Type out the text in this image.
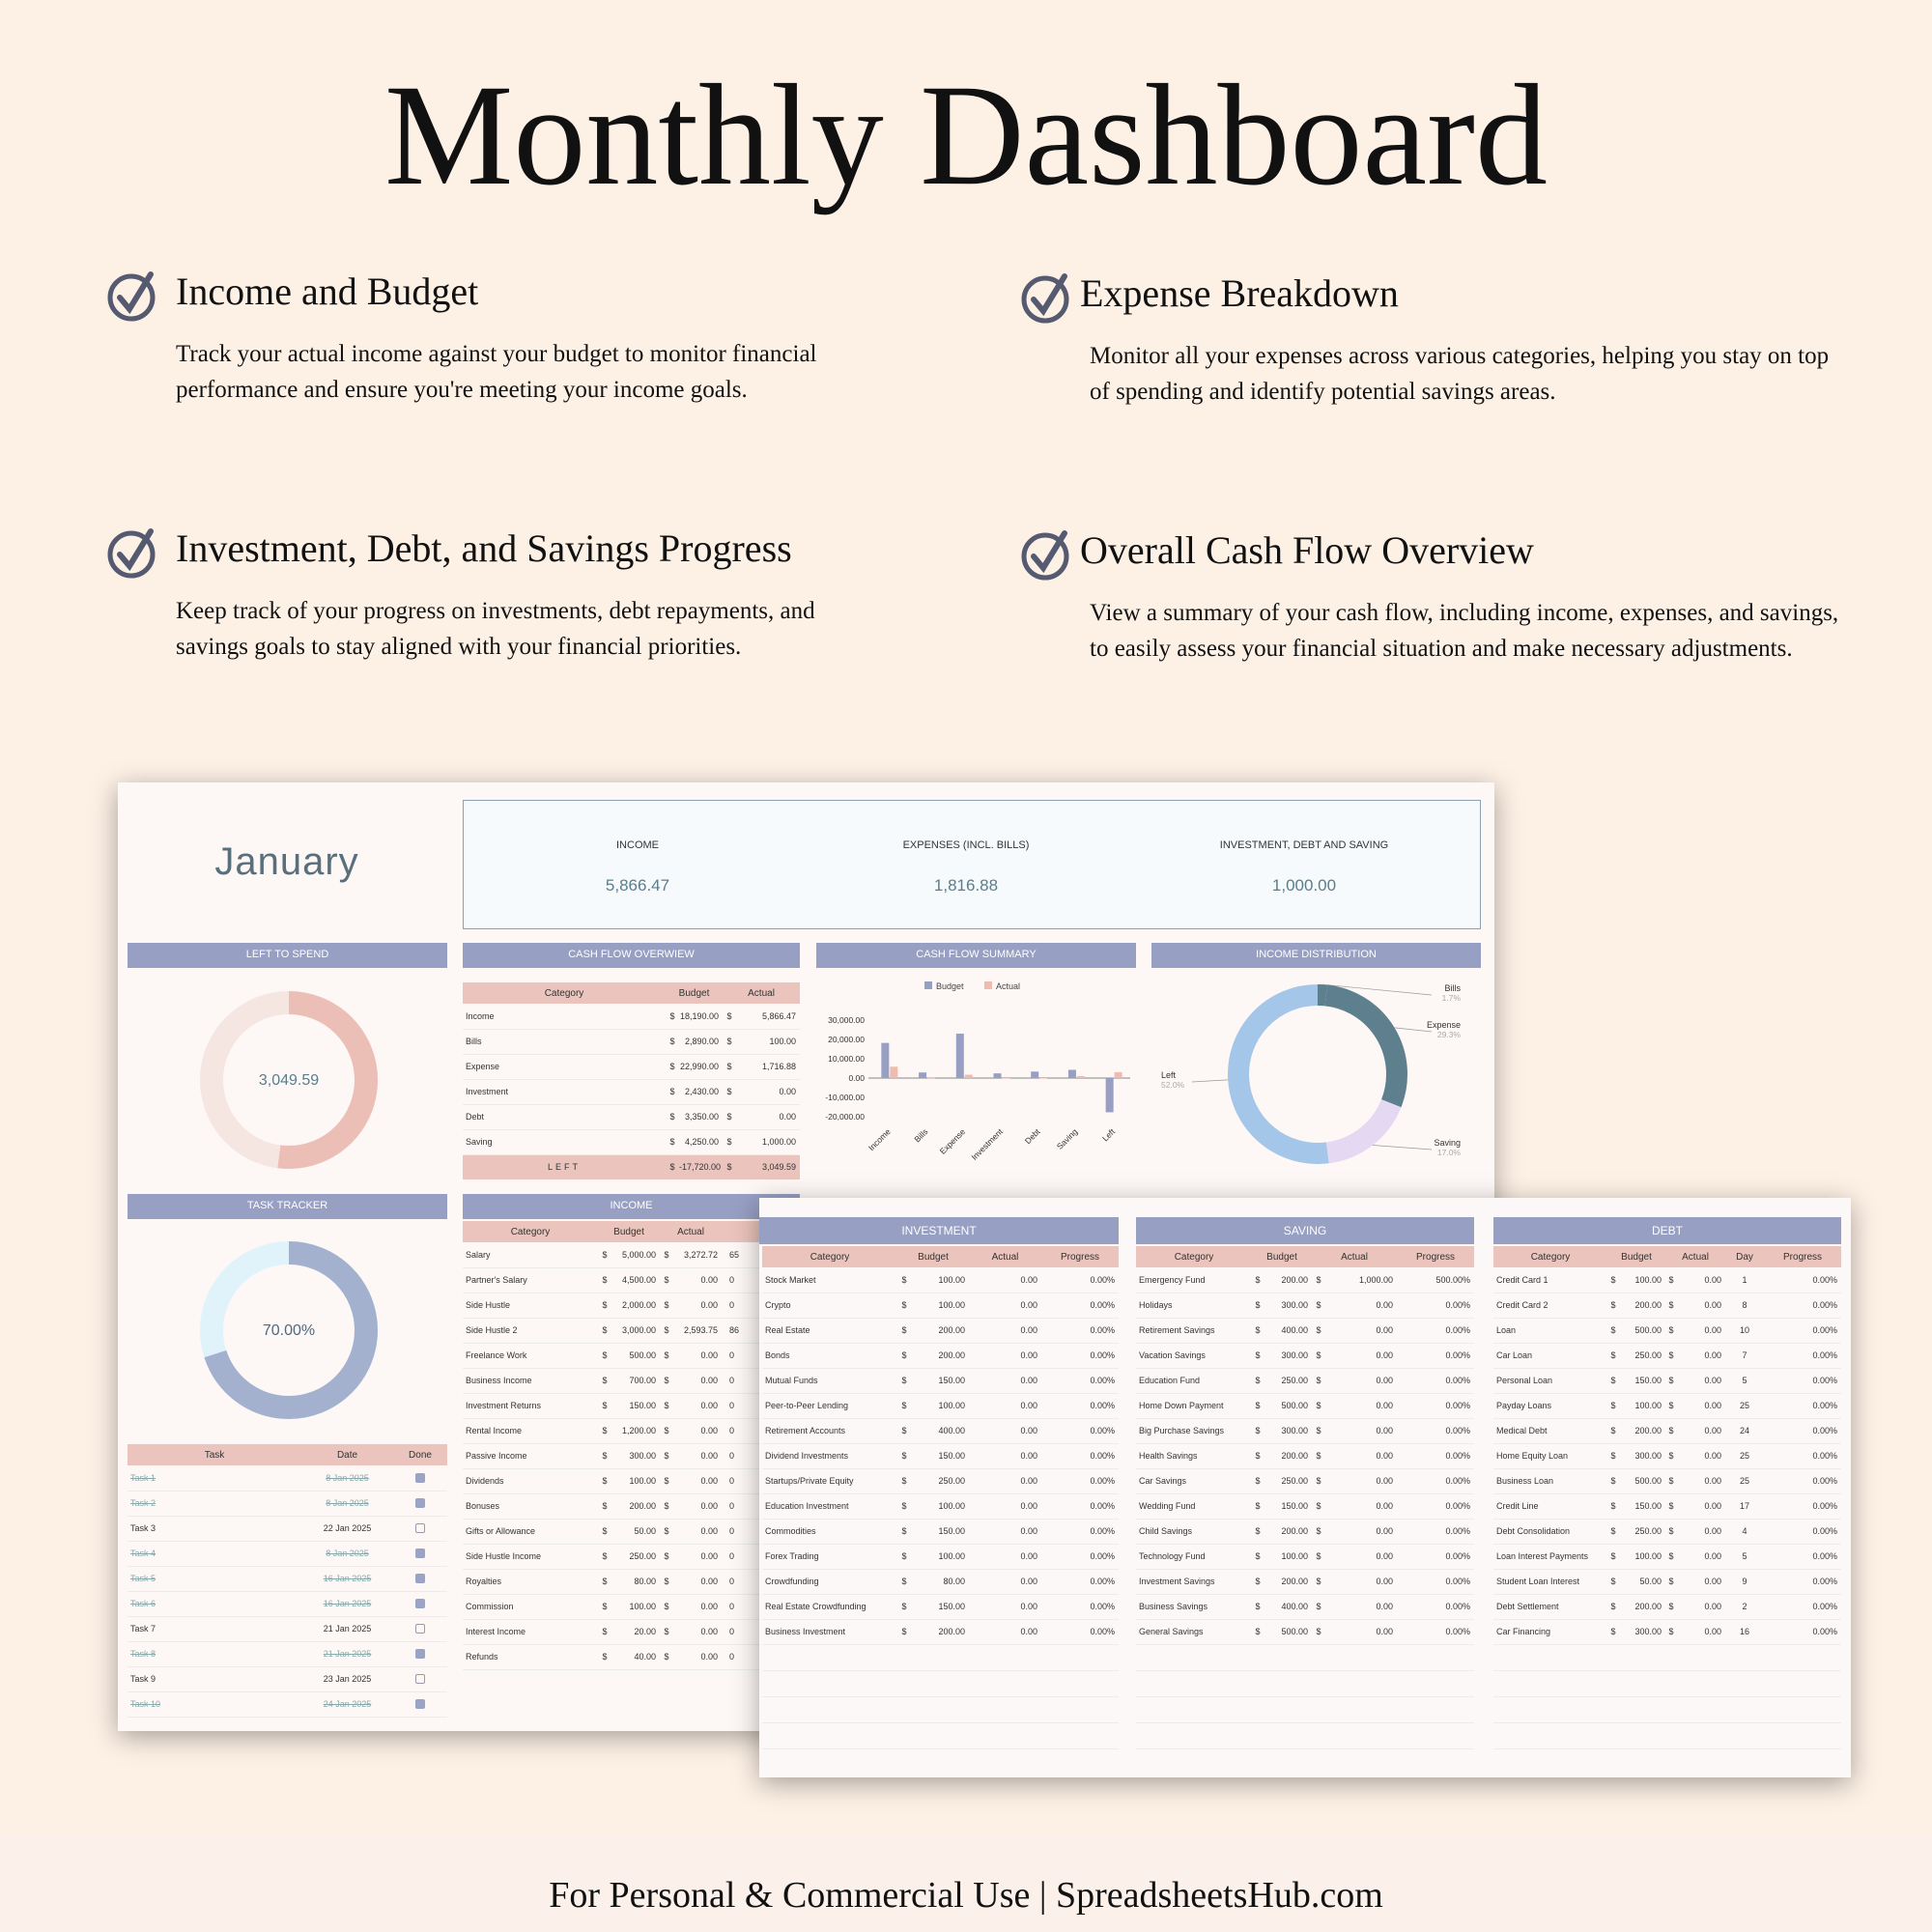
Monthly Dashboard
Income and Budget

Track your actual income against your budget to monitor financial performance and ensure you're meeting your income goals.

Expense Breakdown

Monitor all your expenses across various categories, helping you stay on top of spending and identify potential savings areas.

Investment, Debt, and Savings Progress

Keep track of your progress on investments, debt repayments, and savings goals to stay aligned with your financial priorities.

Overall Cash Flow Overview

View a summary of your cash flow, including income, expenses, and savings, to easily assess your financial situation and make necessary adjustments.

January	INCOME
5,866.47
EXPENSES (INCL. BILLS)
1,816.88
INVESTMENT, DEBT AND SAVING
1,000.00
LEFT TO SPEND
3,049.59
CASH FLOW OVERWIEW
Category	Budget		Actual	
Income	$	18,190.00	$	5,866.47
Bills	$	2,890.00	$	100.00
Expense	$	22,990.00	$	1,716.88
Investment	$	2,430.00	$	0.00
Debt	$	3,350.00	$	0.00
Saving	$	4,250.00	$	1,000.00
LEFT	$	-17,720.00	$	3,049.59
CASH FLOW SUMMARY
Budget	Actual
30,000.00
20,000.00
10,000.00
0.00
-10,000.00
-20,000.00
Income Bills Expense Investment Debt Saving	Left
INCOME DISTRIBUTION
Bills
1.7%
Expense
29.3%
Saving
17.0%
Left
52.0%
TASK TRACKER
70.00%
Task	Date	Done
Task 1	8 Jan 2025	
Task 2	8 Jan 2025	
Task 3	22 Jan 2025	
Task 4	8 Jan 2025	
Task 5	16 Jan 2025	
Task 6	16 Jan 2025	
Task 7	21 Jan 2025	
Task 8	21 Jan 2025	
Task 9	23 Jan 2025	
Task 10	24 Jan 2025	
INCOME
Category	Budget		Actual	
Salary	$	5,000.00	$	3,272.72	65
Partner's Salary	$	4,500.00	$	0.00	0
Side Hustle	$	2,000.00	$	0.00	0
Side Hustle 2	$	3,000.00	$	2,593.75	86
Freelance Work	$	500.00	$	0.00	0
Business Income	$	700.00	$	0.00	0
Investment Returns	$	150.00	$	0.00	0
Rental Income	$	1,200.00	$	0.00	0
Passive Income	$	300.00	$	0.00	0
Dividends	$	100.00	$	0.00	0
Bonuses	$	200.00	$	0.00	0
Gifts or Allowance	$	50.00	$	0.00	0
Side Hustle Income	$	250.00	$	0.00	0
Royalties	$	80.00	$	0.00	0
Commission	$	100.00	$	0.00	0
Interest Income	$	20.00	$	0.00	0
Refunds	$	40.00	$	0.00	0
INVESTMENT
Category	Budget		Actual	Progress
Stock Market	$	100.00	0.00	0.00%
Crypto	$	100.00	0.00	0.00%
Real Estate	$	200.00	0.00	0.00%
Bonds	$	200.00	0.00	0.00%
Mutual Funds	$	150.00	0.00	0.00%
Peer-to-Peer Lending	$	100.00	0.00	0.00%
Retirement Accounts	$	400.00	0.00	0.00%
Dividend Investments	$	150.00	0.00	0.00%
Startups/Private Equity	$	250.00	0.00	0.00%
Education Investment	$	100.00	0.00	0.00%
Commodities	$	150.00	0.00	0.00%
Forex Trading	$	100.00	0.00	0.00%
Crowdfunding	$	80.00	0.00	0.00%
Real Estate Crowdfunding	$	150.00	0.00	0.00%
Business Investment	$	200.00	0.00	0.00%

SAVING
Category	Budget		Actual		Progress
Emergency Fund	$	200.00	$	1,000.00	500.00%
Holidays	$	300.00	$	0.00	0.00%
Retirement Savings	$	400.00	$	0.00	0.00%
Vacation Savings	$	300.00	$	0.00	0.00%
Education Fund	$	250.00	$	0.00	0.00%
Home Down Payment	$	500.00	$	0.00	0.00%
Big Purchase Savings	$	300.00	$	0.00	0.00%
Health Savings	$	200.00	$	0.00	0.00%
Car Savings	$	250.00	$	0.00	0.00%
Wedding Fund	$	150.00	$	0.00	0.00%
Child Savings	$	200.00	$	0.00	0.00%
Technology Fund	$	100.00	$	0.00	0.00%
Investment Savings	$	200.00	$	0.00	0.00%
Business Savings	$	400.00	$	0.00	0.00%
General Savings	$	500.00	$	0.00	0.00%

DEBT
Category	Budget		Actual		Day	Progress
Credit Card 1	$	100.00	$	0.00	1	0.00%
Credit Card 2	$	200.00	$	0.00	8	0.00%
Loan	$	500.00	$	0.00	10	0.00%
Car Loan	$	250.00	$	0.00	7	0.00%
Personal Loan	$	150.00	$	0.00	5	0.00%
Payday Loans	$	100.00	$	0.00	25	0.00%
Medical Debt	$	200.00	$	0.00	24	0.00%
Home Equity Loan	$	300.00	$	0.00	25	0.00%
Business Loan	$	500.00	$	0.00	25	0.00%
Credit Line	$	150.00	$	0.00	17	0.00%
Debt Consolidation	$	250.00	$	0.00	4	0.00%
Loan Interest Payments	$	100.00	$	0.00	5	0.00%
Student Loan Interest	$	50.00	$	0.00	9	0.00%
Debt Settlement	$	200.00	$	0.00	2	0.00%
Car Financing	$	300.00	$	0.00	16	0.00%

For Personal & Commercial Use | SpreadsheetsHub.com
